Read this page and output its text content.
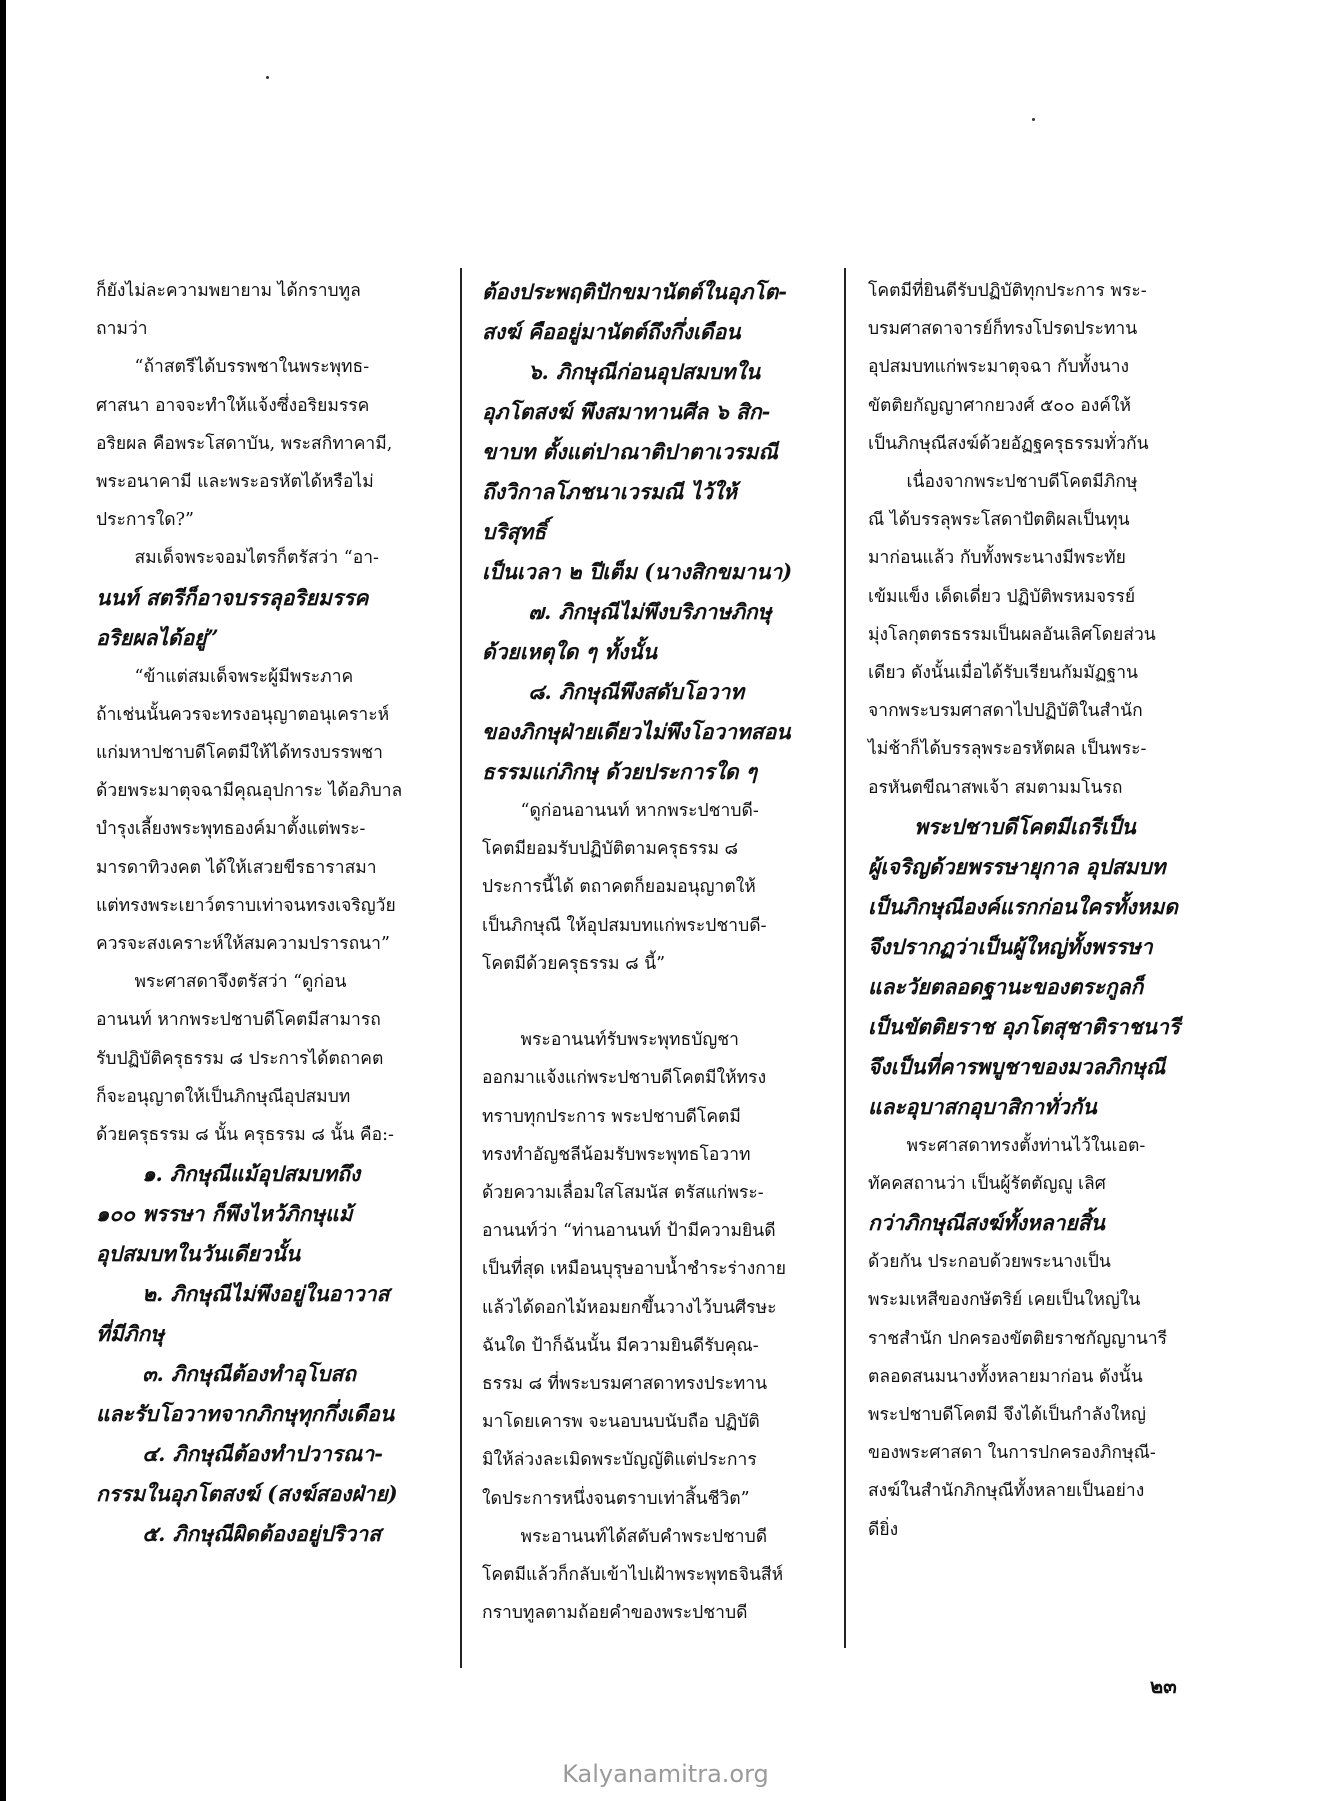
ก็ยังไม่ละความพยายาม ได้กราบทูล

ถามว่า

“ถ้าสตรีได้บรรพชาในพระพุทธ-

ศาสนา อาจจะทำให้แจ้งซึ่งอริยมรรค

อริยผล คือพระโสดาบัน, พระสกิทาคามี,

พระอนาคามี และพระอรหัตได้หรือไม่

ประการใด?”

สมเด็จพระจอมไตรก็ตรัสว่า “อา-

นนท์ สตรีก็อาจบรรลุอริยมรรค

อริยผลได้อยู่”

“ข้าแต่สมเด็จพระผู้มีพระภาค

ถ้าเช่นนั้นควรจะทรงอนุญาตอนุเคราะห์

แก่มหาปชาบดีโคตมีให้ได้ทรงบรรพชา

ด้วยพระมาตุจฉามีคุณอุปการะ ได้อภิบาล

บำรุงเลี้ยงพระพุทธองค์มาตั้งแต่พระ-

มารดาทิวงคต ได้ให้เสวยขีรธาราสมา

แต่ทรงพระเยาว์ตราบเท่าจนทรงเจริญวัย

ควรจะสงเคราะห์ให้สมความปรารถนา”

พระศาสดาจึงตรัสว่า “ดูก่อน

อานนท์ หากพระปชาบดีโคตมีสามารถ

รับปฏิบัติครุธรรม ๘ ประการได้ตถาคต

ก็จะอนุญาตให้เป็นภิกษุณีอุปสมบท

ด้วยครุธรรม ๘ นั้น ครุธรรม ๘ นั้น คือ:-

๑. ภิกษุณีแม้อุปสมบทถึง

๑๐๐ พรรษา ก็พึงไหว้ภิกษุแม้

อุปสมบทในวันเดียวนั้น

๒. ภิกษุณีไม่พึงอยู่ในอาวาส

ที่มีภิกษุ

๓. ภิกษุณีต้องทำอุโบสถ

และรับโอวาทจากภิกษุทุกกึ่งเดือน

๔. ภิกษุณีต้องทำปวารณา-

กรรมในอุภโตสงฆ์ (สงฆ์สองฝ่าย)

๕. ภิกษุณีผิดต้องอยู่ปริวาส

ต้องประพฤติปักขมานัตต์ในอุภโต-

สงฆ์ คืออยู่มานัตต์ถึงกึ่งเดือน

๖. ภิกษุณีก่อนอุปสมบทใน

อุภโตสงฆ์ พึงสมาทานศีล ๖ สิก-

ขาบท ตั้งแต่ปาณาติปาตาเวรมณี

ถึงวิกาลโภชนาเวรมณี ไว้ให้บริสุทธิ์

เป็นเวลา ๒ ปีเต็ม (นางสิกขมานา)

๗. ภิกษุณีไม่พึงบริภาษภิกษุ

ด้วยเหตุใด ๆ ทั้งนั้น

๘. ภิกษุณีพึงสดับโอวาท

ของภิกษุฝ่ายเดียวไม่พึงโอวาทสอน

ธรรมแก่ภิกษุ ด้วยประการใด ๆ

“ดูก่อนอานนท์ หากพระปชาบดี-

โคตมียอมรับปฏิบัติตามครุธรรม ๘

ประการนี้ได้ ตถาคตก็ยอมอนุญาตให้

เป็นภิกษุณี ให้อุปสมบทแก่พระปชาบดี-

โคตมีด้วยครุธรรม ๘ นี้”

พระอานนท์รับพระพุทธบัญชา

ออกมาแจ้งแก่พระปชาบดีโคตมีให้ทรง

ทราบทุกประการ พระปชาบดีโคตมี

ทรงทำอัญชลีน้อมรับพระพุทธโอวาท

ด้วยความเลื่อมใสโสมนัส ตรัสแก่พระ-

อานนท์ว่า “ท่านอานนท์ ป้ามีความยินดี

เป็นที่สุด เหมือนบุรุษอาบน้ำชำระร่างกาย

แล้วได้ดอกไม้หอมยกขึ้นวางไว้บนศีรษะ

ฉันใด ป้าก็ฉันนั้น มีความยินดีรับคุณ-

ธรรม ๘ ที่พระบรมศาสดาทรงประทาน

มาโดยเคารพ จะนอบนบนับถือ ปฏิบัติ

มิให้ล่วงละเมิดพระบัญญัติแต่ประการ

ใดประการหนึ่งจนตราบเท่าสิ้นชีวิต”

พระอานนท์ได้สดับคำพระปชาบดี

โคตมีแล้วก็กลับเข้าไปเฝ้าพระพุทธจินสีห์

กราบทูลตามถ้อยคำของพระปชาบดี

โคตมีที่ยินดีรับปฏิบัติทุกประการ พระ-

บรมศาสดาจารย์ก็ทรงโปรดประทาน

อุปสมบทแก่พระมาตุจฉา กับทั้งนาง

ขัตติยกัญญาศากยวงศ์ ๕๐๐ องค์ให้

เป็นภิกษุณีสงฆ์ด้วยอัฏฐครุธรรมทั่วกัน

เนื่องจากพระปชาบดีโคตมีภิกษุ

ณี ได้บรรลุพระโสดาปัตติผลเป็นทุน

มาก่อนแล้ว กับทั้งพระนางมีพระทัย

เข้มแข็ง เด็ดเดี่ยว ปฏิบัติพรหมจรรย์

มุ่งโลกุตตรธรรมเป็นผลอันเลิศโดยส่วน

เดียว ดังนั้นเมื่อได้รับเรียนกัมมัฏฐาน

จากพระบรมศาสดาไปปฏิบัติในสำนัก

ไม่ช้าก็ได้บรรลุพระอรหัตผล เป็นพระ-

อรหันตขีณาสพเจ้า สมตามมโนรถ

พระปชาบดีโคตมีเถรีเป็น

ผู้เจริญด้วยพรรษายุกาล อุปสมบท

เป็นภิกษุณีองค์แรกก่อนใครทั้งหมด

จึงปรากฏว่าเป็นผู้ใหญ่ทั้งพรรษา

และวัยตลอดฐานะของตระกูลก็

เป็นขัตติยราช อุภโตสุชาติราชนารี

จึงเป็นที่คารพบูชาของมวลภิกษุณี

และอุบาสกอุบาสิกาทั่วกัน

พระศาสดาทรงตั้งท่านไว้ในเอต-

ทัคคสถานว่า เป็นผู้รัตตัญญู เลิศ

กว่าภิกษุณีสงฆ์ทั้งหลายสิ้น

ด้วยกัน ประกอบด้วยพระนางเป็น

พระมเหสีของกษัตริย์ เคยเป็นใหญ่ใน

ราชสำนัก ปกครองขัตติยราชกัญญานารี

ตลอดสนมนางทั้งหลายมาก่อน ดังนั้น

พระปชาบดีโคตมี จึงได้เป็นกำลังใหญ่

ของพระศาสดา ในการปกครองภิกษุณี-

สงฆ์ในสำนักภิกษุณีทั้งหลายเป็นอย่าง

ดียิ่ง

๒๓
Kalyanamitra.org
